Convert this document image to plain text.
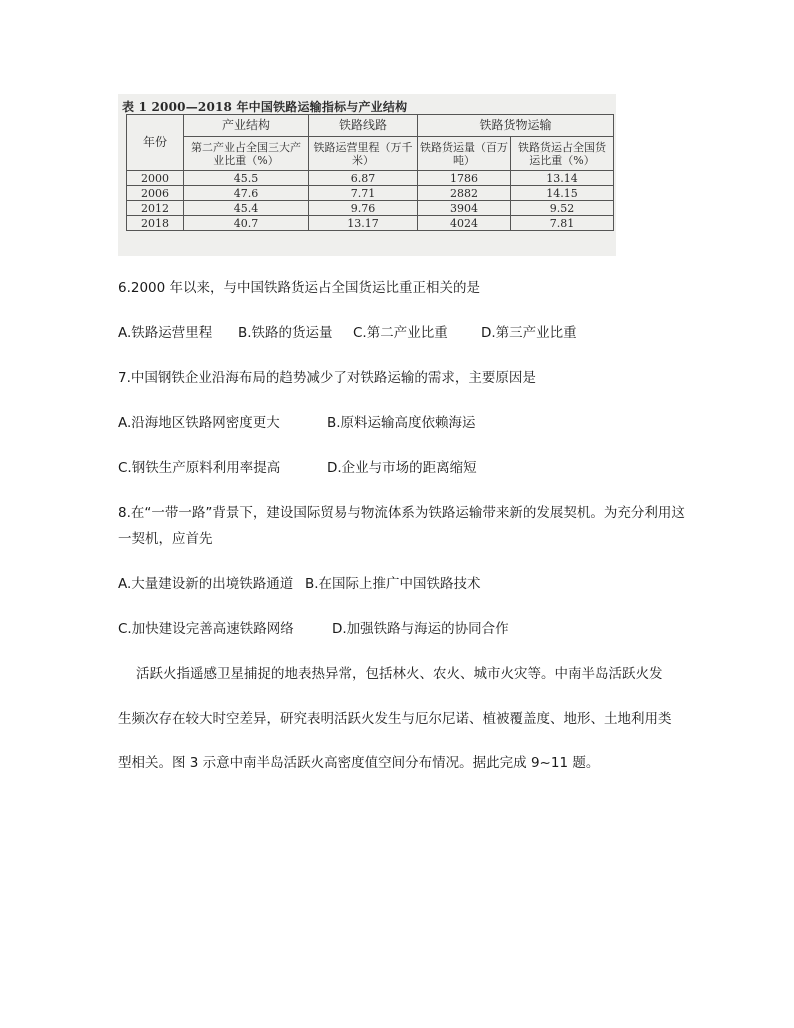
表 1 2000—2018 年中国铁路运输指标与产业结构
年份	产业结构	铁路线路	铁路货物运输	
	第二产业占全国三大产业比重（%）	铁路运营里程（万千米）	铁路货运量（百万吨）	铁路货运占全国货运比重（%）
2000	45.5	6.87	1786	13.14
2006	47.6	7.71	2882	14.15
2012	45.4	9.76	3904	9.52
2018	40.7	13.17	4024	7.81
6.2000 年以来，与中国铁路货运占全国货运比重正相关的是
A.铁路运营里程 B.铁路的货运量 C.第二产业比重 D.第三产业比重
7.中国钢铁企业沿海布局的趋势减少了对铁路运输的需求，主要原因是
A.沿海地区铁路网密度更大	B.原料运输高度依赖海运
C.钢铁生产原料利用率提高	D.企业与市场的距离缩短
8.在“一带一路”背景下，建设国际贸易与物流体系为铁路运输带来新的发展契机。为充分利用这
一契机，应首先
A.大量建设新的出境铁路通道 B.在国际上推广中国铁路技术
C.加快建设完善高速铁路网络	D.加强铁路与海运的协同合作
活跃火指遥感卫星捕捉的地表热异常，包括林火、农火、城市火灾等。中南半岛活跃火发
生频次存在较大时空差异，研究表明活跃火发生与厄尔尼诺、植被覆盖度、地形、土地利用类
型相关。图 3 示意中南半岛活跃火高密度值空间分布情况。据此完成 9~11 题。
